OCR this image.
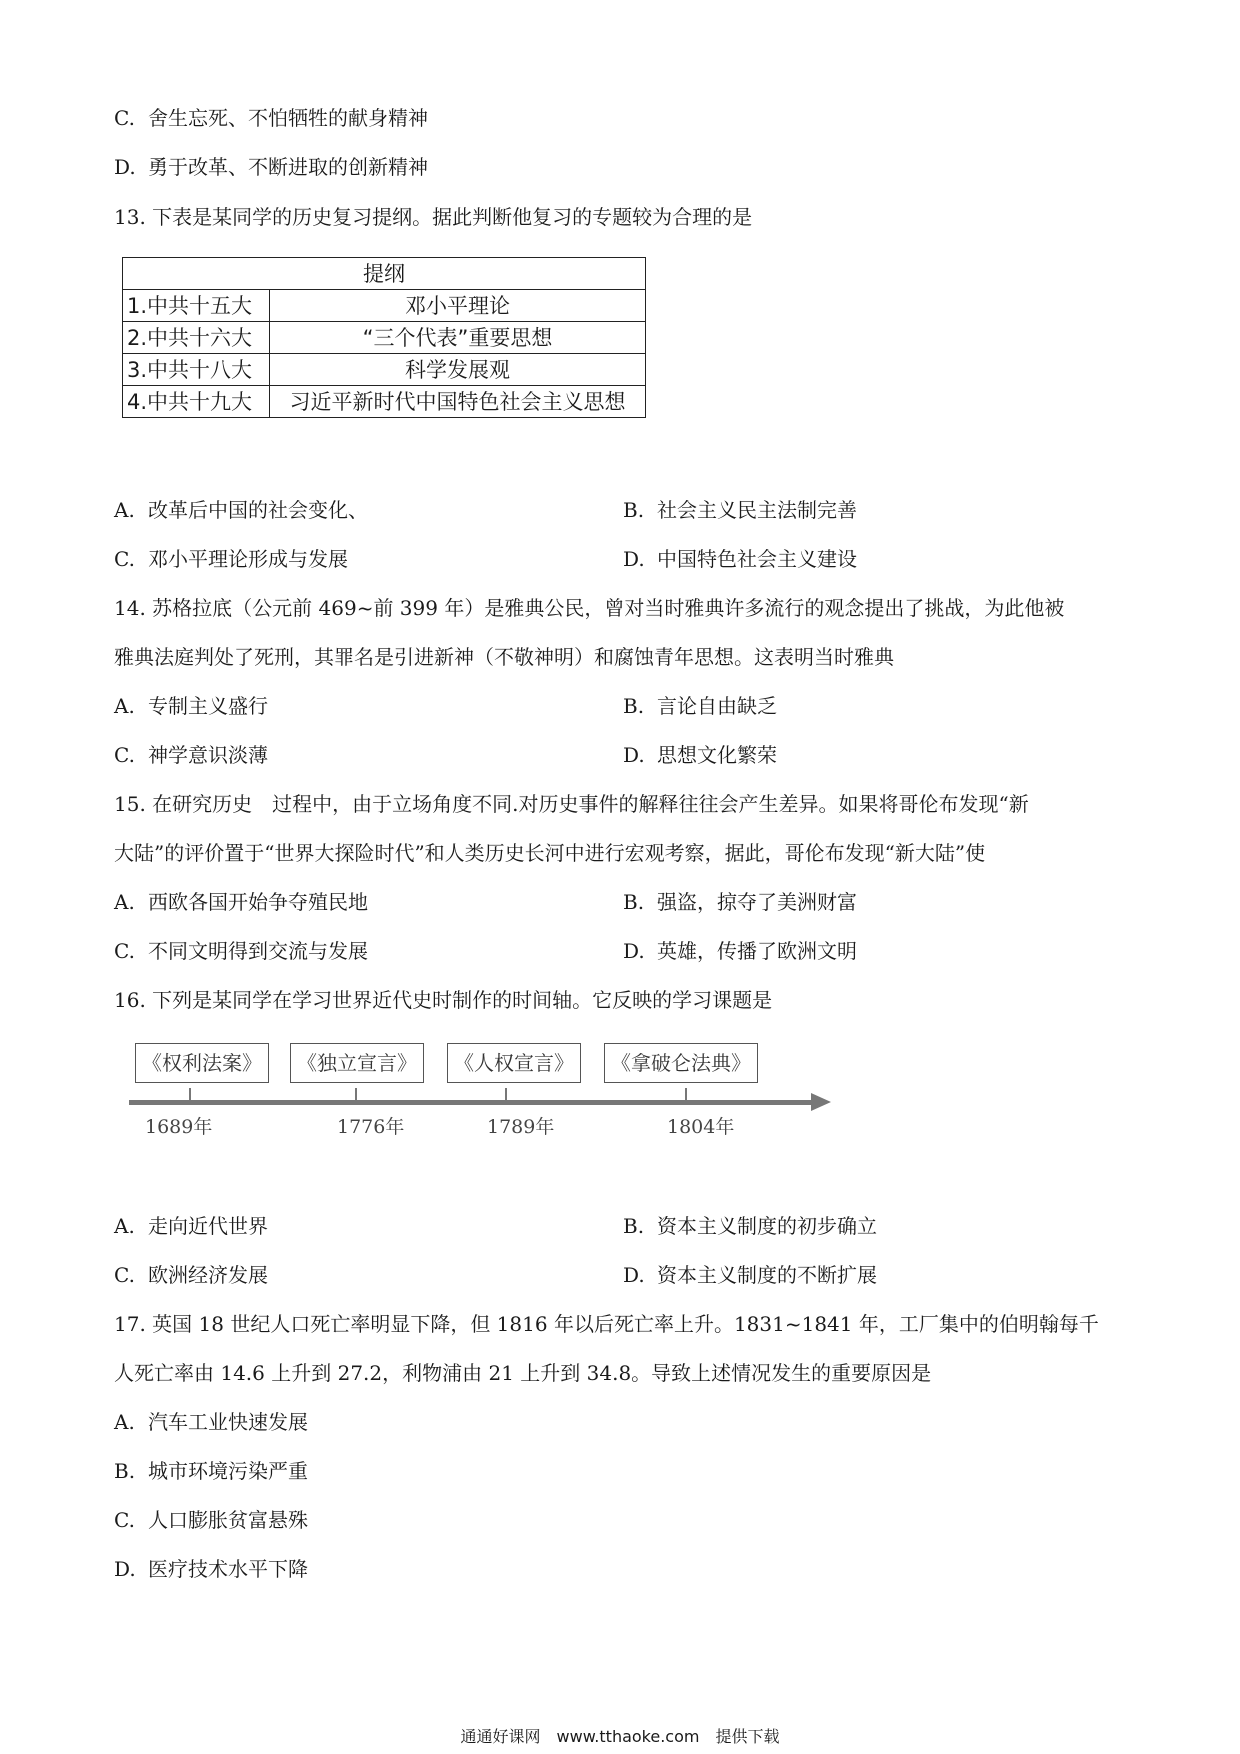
C. 舍生忘死、不怕牺牲的献身精神
D. 勇于改革、不断进取的创新精神
13. 下表是某同学的历史复习提纲。据此判断他复习的专题较为合理的是
提纲	
1.中共十五大	邓小平理论
2.中共十六大	“三个代表”重要思想
3.中共十八大	科学发展观
4.中共十九大	习近平新时代中国特色社会主义思想
A. 改革后中国的社会变化、	B. 社会主义民主法制完善
C. 邓小平理论形成与发展	D. 中国特色社会主义建设
14. 苏格拉底（公元前 469~前 399 年）是雅典公民，曾对当时雅典许多流行的观念提出了挑战，为此他被
雅典法庭判处了死刑，其罪名是引进新神（不敬神明）和腐蚀青年思想。这表明当时雅典
A. 专制主义盛行	B. 言论自由缺乏
C. 神学意识淡薄	D. 思想文化繁荣
15. 在研究历史　过程中，由于立场角度不同.对历史事件的解释往往会产生差异。如果将哥伦布发现“新
大陆”的评价置于“世界大探险时代”和人类历史长河中进行宏观考察，据此，哥伦布发现“新大陆”使
A. 西欧各国开始争夺殖民地	B. 强盗，掠夺了美洲财富
C. 不同文明得到交流与发展	D. 英雄，传播了欧洲文明
16. 下列是某同学在学习世界近代史时制作的时间轴。它反映的学习课题是
《权利法案》	《独立宣言》	《人权宣言》	《拿破仑法典》
1689年	1776年	1789年	1804年
A. 走向近代世界	B. 资本主义制度的初步确立
C. 欧洲经济发展	D. 资本主义制度的不断扩展
17. 英国 18 世纪人口死亡率明显下降，但 1816 年以后死亡率上升。1831~1841 年，工厂集中的伯明翰每千
人死亡率由 14.6 上升到 27.2，利物浦由 21 上升到 34.8。导致上述情况发生的重要原因是
A. 汽车工业快速发展
B. 城市环境污染严重
C. 人口膨胀贫富悬殊
D. 医疗技术水平下降
通通好课网　www.tthaoke.com　提供下载
